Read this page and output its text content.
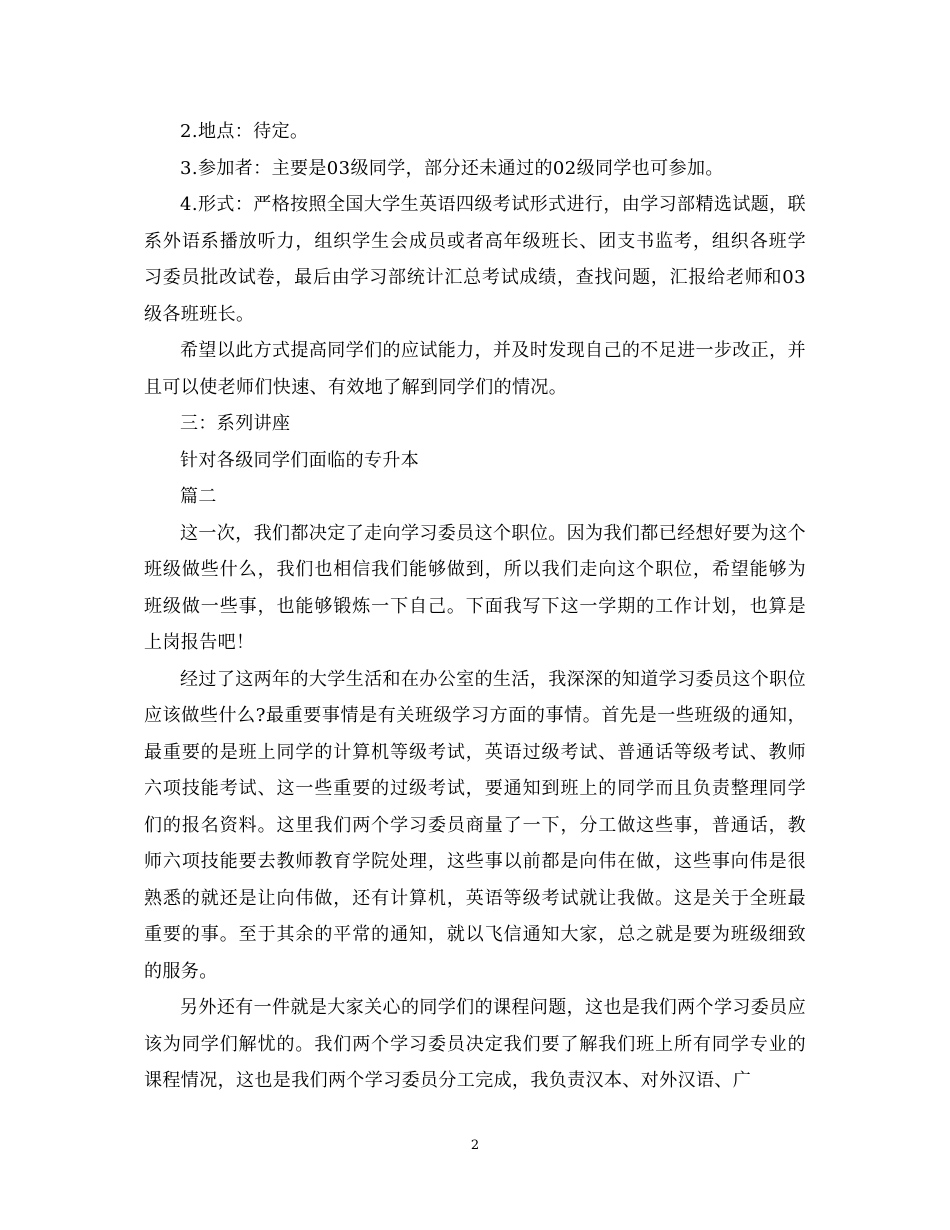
2.地点：待定。

3.参加者：主要是03级同学，部分还未通过的02级同学也可参加。

4.形式：严格按照全国大学生英语四级考试形式进行，由学习部精选试题，联系外语系播放听力，组织学生会成员或者高年级班长、团支书监考，组织各班学习委员批改试卷，最后由学习部统计汇总考试成绩，查找问题，汇报给老师和03级各班班长。

希望以此方式提高同学们的应试能力，并及时发现自己的不足进一步改正，并且可以使老师们快速、有效地了解到同学们的情况。

三：系列讲座

针对各级同学们面临的专升本

篇二

这一次，我们都决定了走向学习委员这个职位。因为我们都已经想好要为这个班级做些什么，我们也相信我们能够做到，所以我们走向这个职位，希望能够为班级做一些事，也能够锻炼一下自己。下面我写下这一学期的工作计划，也算是上岗报告吧！

经过了这两年的大学生活和在办公室的生活，我深深的知道学习委员这个职位应该做些什么?最重要事情是有关班级学习方面的事情。首先是一些班级的通知，最重要的是班上同学的计算机等级考试，英语过级考试、普通话等级考试、教师六项技能考试、这一些重要的过级考试，要通知到班上的同学而且负责整理同学们的报名资料。这里我们两个学习委员商量了一下，分工做这些事，普通话，教师六项技能要去教师教育学院处理，这些事以前都是向伟在做，这些事向伟是很熟悉的就还是让向伟做，还有计算机，英语等级考试就让我做。这是关于全班最重要的事。至于其余的平常的通知，就以飞信通知大家，总之就是要为班级细致的服务。

另外还有一件就是大家关心的同学们的课程问题，这也是我们两个学习委员应该为同学们解忧的。我们两个学习委员决定我们要了解我们班上所有同学专业的课程情况，这也是我们两个学习委员分工完成，我负责汉本、对外汉语、广

2
